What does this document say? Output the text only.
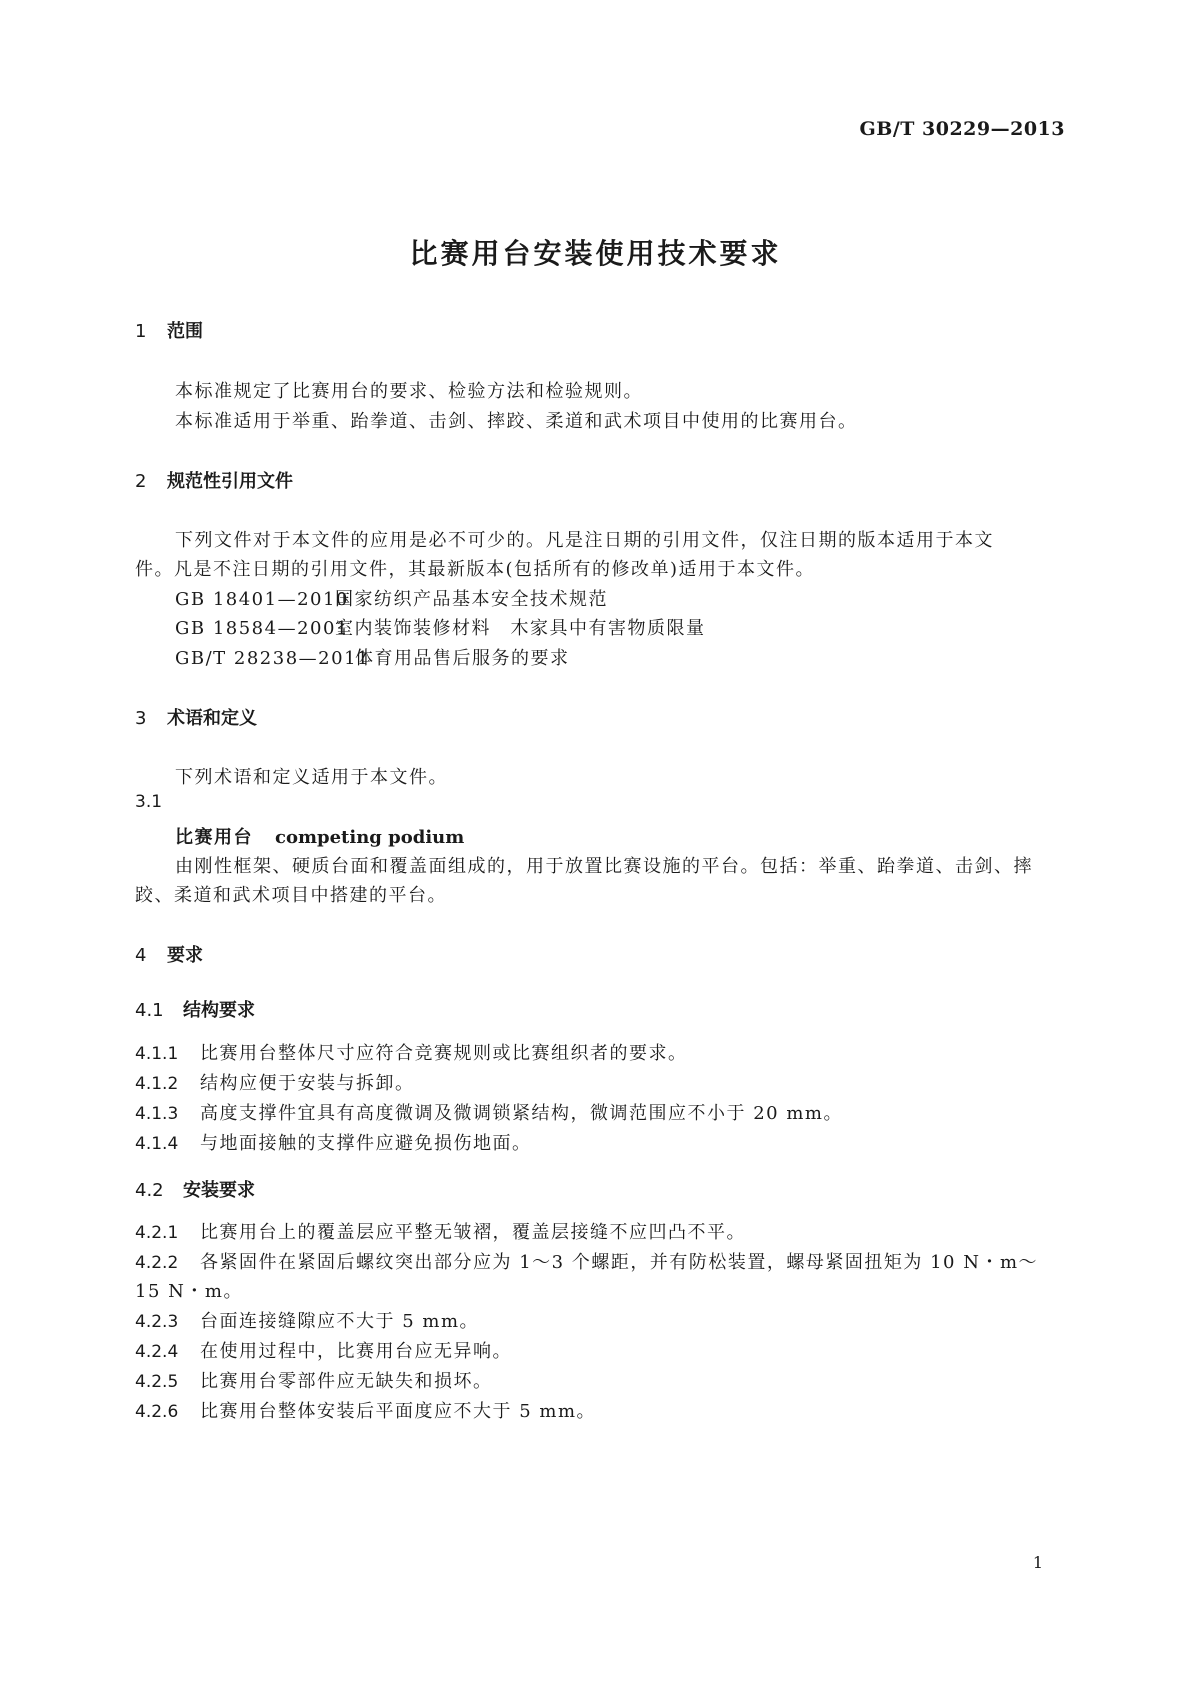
GB/T 30229—2013
比赛用台安装使用技术要求
1 范围
本标准规定了比赛用台的要求、检验方法和检验规则。
本标准适用于举重、跆拳道、击剑、摔跤、柔道和武术项目中使用的比赛用台。
2 规范性引用文件
下列文件对于本文件的应用是必不可少的。凡是注日期的引用文件，仅注日期的版本适用于本文
件。凡是不注日期的引用文件，其最新版本(包括所有的修改单)适用于本文件。
GB 18401—2010国家纺织产品基本安全技术规范
GB 18584—2001室内装饰装修材料　木家具中有害物质限量
GB/T 28238—2011体育用品售后服务的要求
3 术语和定义
下列术语和定义适用于本文件。
3.1
比赛用台 competing podium
由刚性框架、硬质台面和覆盖面组成的，用于放置比赛设施的平台。包括：举重、跆拳道、击剑、摔
跤、柔道和武术项目中搭建的平台。
4 要求
4.1 结构要求
4.1.1 比赛用台整体尺寸应符合竞赛规则或比赛组织者的要求。
4.1.2 结构应便于安装与拆卸。
4.1.3 高度支撑件宜具有高度微调及微调锁紧结构，微调范围应不小于 20 mm。
4.1.4 与地面接触的支撑件应避免损伤地面。
4.2 安装要求
4.2.1 比赛用台上的覆盖层应平整无皱褶，覆盖层接缝不应凹凸不平。
4.2.2 各紧固件在紧固后螺纹突出部分应为 1～3 个螺距，并有防松装置，螺母紧固扭矩为 10 N・m～
15 N・m。
4.2.3 台面连接缝隙应不大于 5 mm。
4.2.4 在使用过程中，比赛用台应无异响。
4.2.5 比赛用台零部件应无缺失和损坏。
4.2.6 比赛用台整体安装后平面度应不大于 5 mm。
1
